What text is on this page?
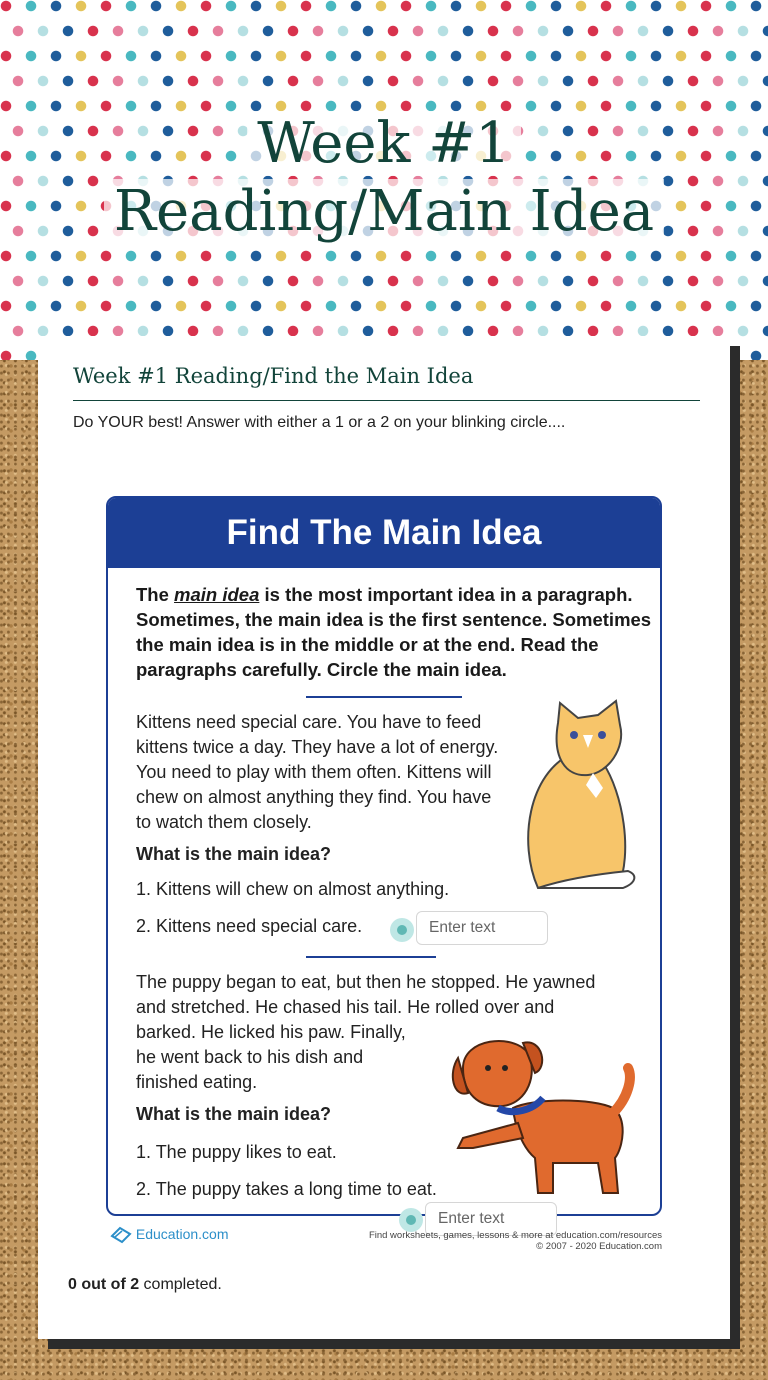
Week #1
Reading/Main Idea
Week #1 Reading/Find the Main Idea
Do YOUR best! Answer with either a 1 or a 2 on your blinking circle....
Find The Main Idea
The main idea is the most important idea in a paragraph. Sometimes, the main idea is the first sentence. Sometimes the main idea is in the middle or at the end. Read the paragraphs carefully. Circle the main idea.
Kittens need special care. You have to feed kittens twice a day. They have a lot of energy. You need to play with them often. Kittens will chew on almost anything they find. You have to watch them closely.
What is the main idea?
1. Kittens will chew on almost anything.
2. Kittens need special care.
The puppy began to eat, but then he stopped. He yawned
and stretched. He chased his tail. He rolled over and
barked. He licked his paw. Finally,
he went back to his dish and
finished eating.
What is the main idea?
1. The puppy likes to eat.
2. The puppy takes a long time to eat.
Enter text
Enter text
Education.com	Find worksheets, games, lessons & more at education.com/resources
© 2007 - 2020 Education.com
0 out of 2 completed.
